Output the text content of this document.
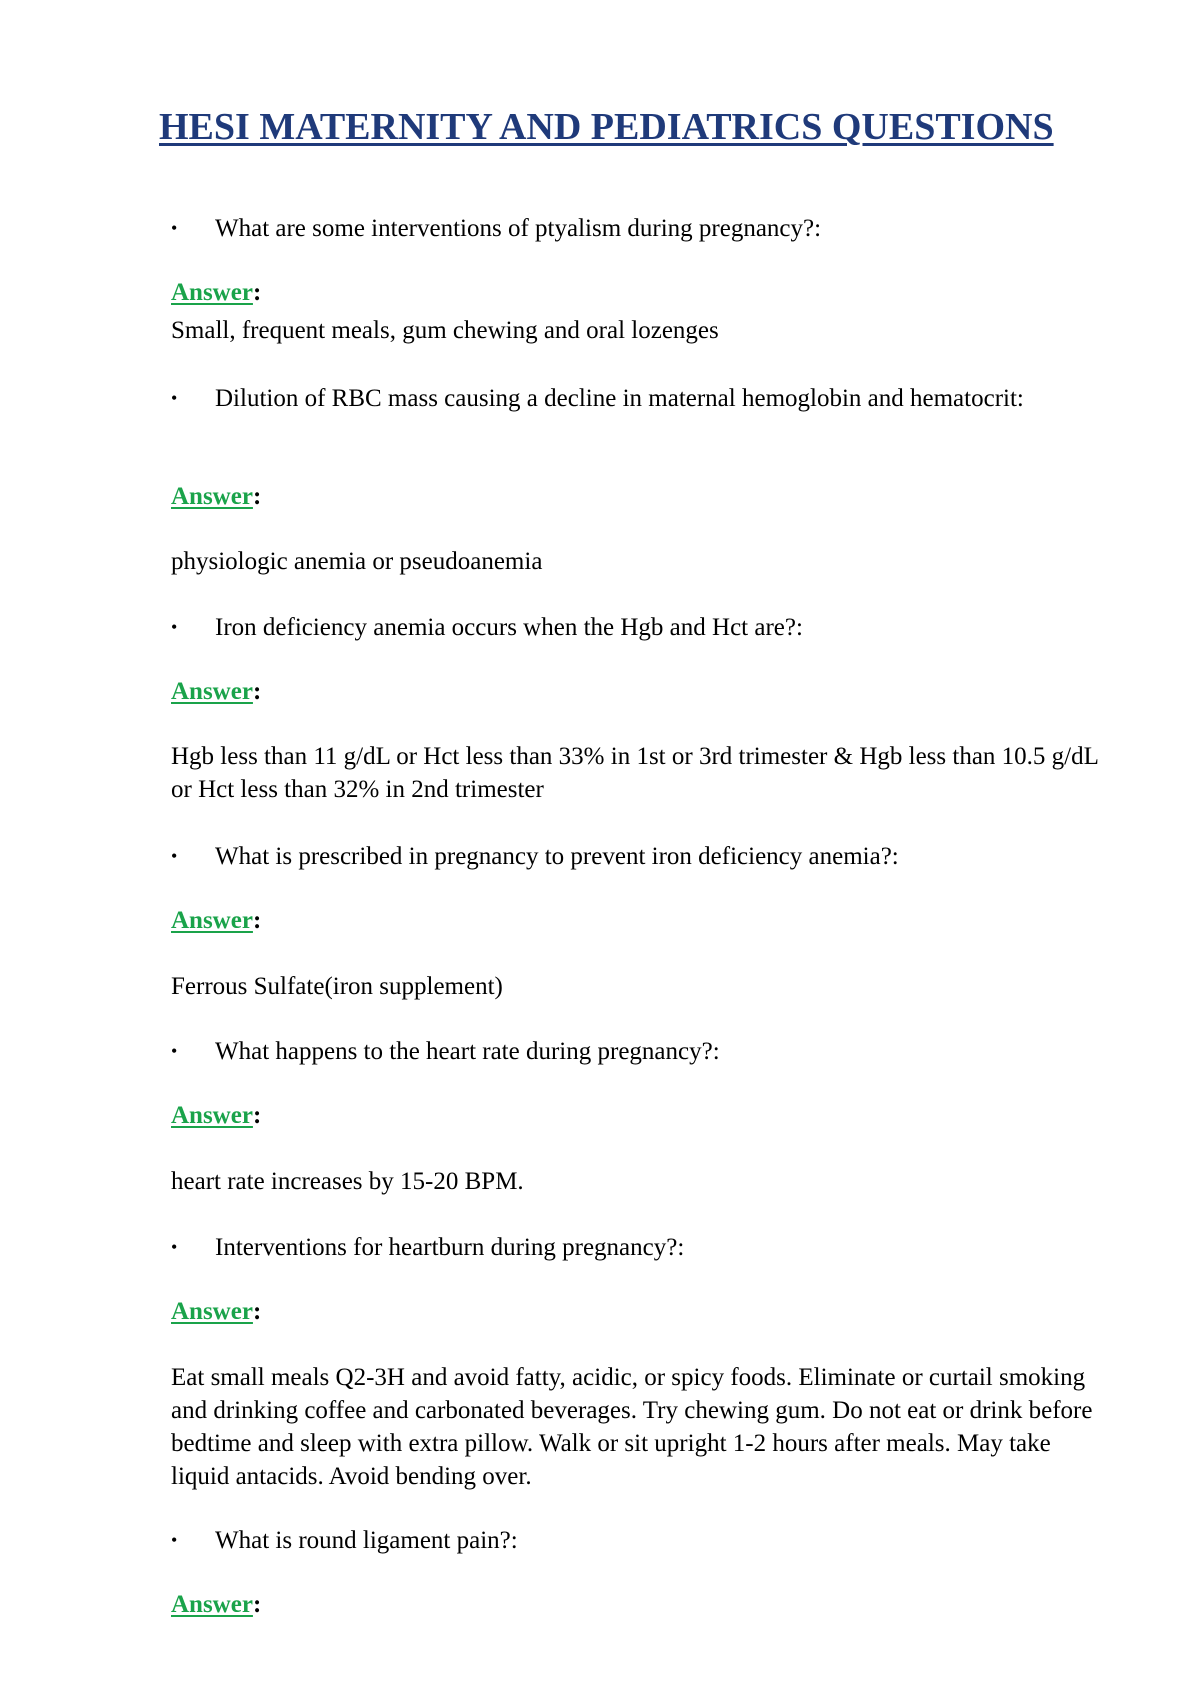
HESI MATERNITY AND PEDIATRICS QUESTIONS
• What are some interventions of ptyalism during pregnancy?:
Answer:
Small, frequent meals, gum chewing and oral lozenges
• Dilution of RBC mass causing a decline in maternal hemoglobin and hematocrit:
Answer:
physiologic anemia or pseudoanemia
• Iron deficiency anemia occurs when the Hgb and Hct are?:
Answer:
Hgb less than 11 g/dL or Hct less than 33% in 1st or 3rd trimester & Hgb less than 10.5 g/dL or Hct less than 32% in 2nd trimester
• What is prescribed in pregnancy to prevent iron deficiency anemia?:
Answer:
Ferrous Sulfate(iron supplement)
• What happens to the heart rate during pregnancy?:
Answer:
heart rate increases by 15-20 BPM.
• Interventions for heartburn during pregnancy?:
Answer:
Eat small meals Q2-3H and avoid fatty, acidic, or spicy foods. Eliminate or curtail smoking and drinking coffee and carbonated beverages. Try chewing gum. Do not eat or drink before bedtime and sleep with extra pillow. Walk or sit upright 1-2 hours after meals. May take liquid antacids. Avoid bending over.
• What is round ligament pain?:
Answer:
